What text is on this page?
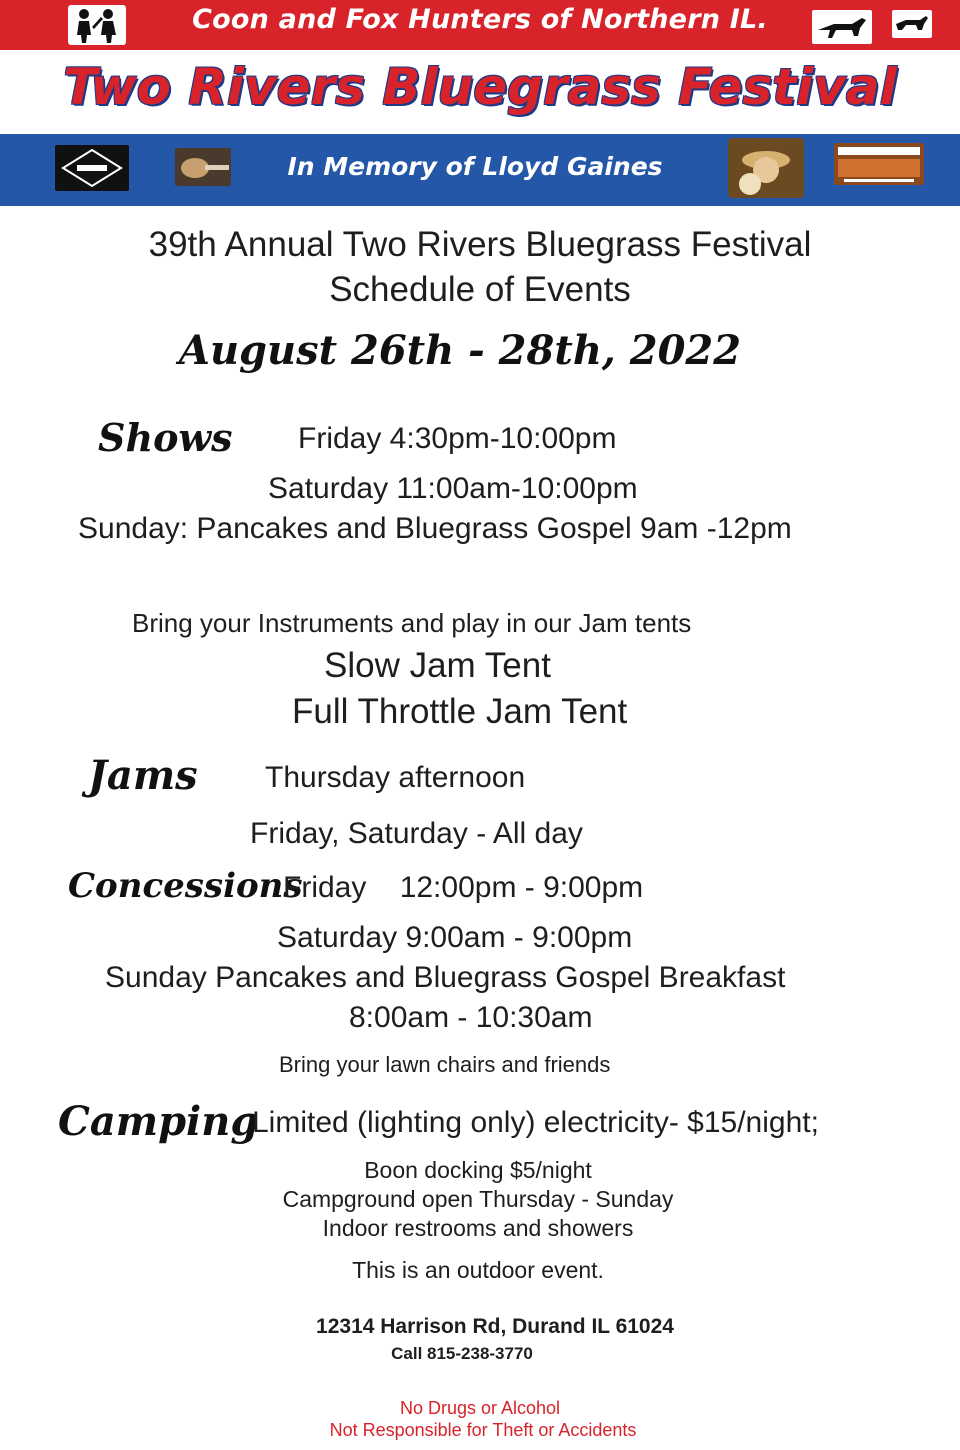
Coon and Fox Hunters of Northern IL.
Two Rivers Bluegrass Festival
In Memory of Lloyd Gaines
39th Annual Two Rivers Bluegrass Festival
Schedule of Events
August 26th - 28th, 2022
Shows Friday 4:30pm-10:00pm
Saturday 11:00am-10:00pm
Sunday: Pancakes and Bluegrass Gospel 9am -12pm
Bring your Instruments and play in our Jam tents
Slow Jam Tent
Full Throttle Jam Tent
Jams Thursday afternoon
Friday, Saturday - All day
Concessions
Friday    12:00pm - 9:00pm
Saturday 9:00am - 9:00pm
Sunday Pancakes and Bluegrass Gospel Breakfast
8:00am - 10:30am
Bring your lawn chairs and friends
Camping
Limited (lighting only) electricity- $15/night;
Boon docking $5/night
Campground open Thursday - Sunday
Indoor restrooms and showers
This is an outdoor event.
12314 Harrison Rd, Durand IL 61024
Call 815-238-3770
No Drugs or Alcohol
Not Responsible for Theft or Accidents
